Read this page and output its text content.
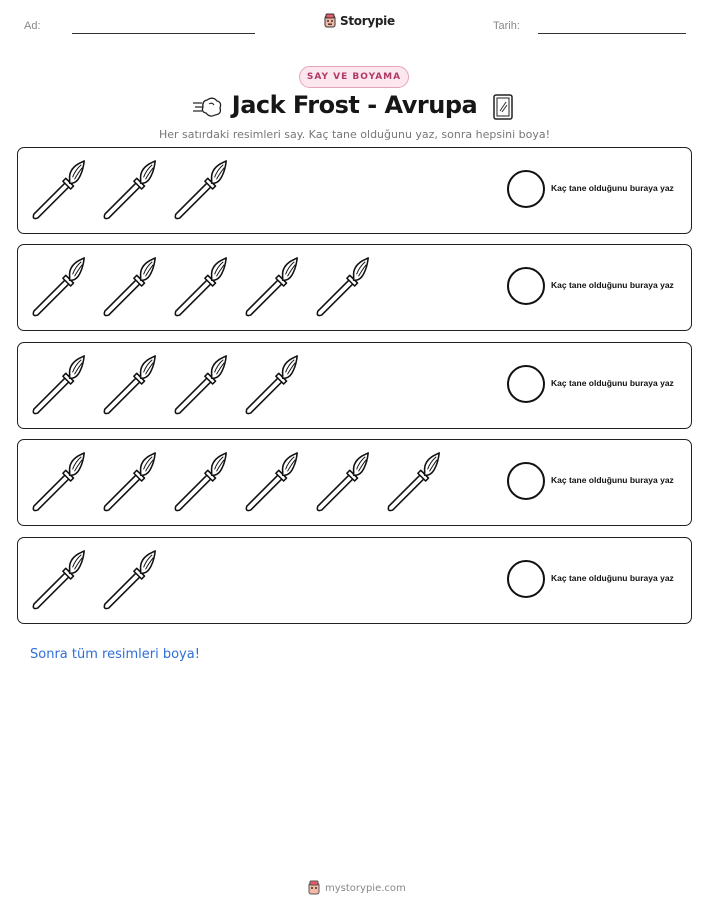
Ad:	Storypie	Tarih:
SAY VE BOYAMA
Jack Frost - Avrupa
Her satırdaki resimleri say. Kaç tane olduğunu yaz, sonra hepsini boya!
Kaç tane olduğunu buraya yaz
Kaç tane olduğunu buraya yaz
Kaç tane olduğunu buraya yaz
Kaç tane olduğunu buraya yaz
Kaç tane olduğunu buraya yaz
Sonra tüm resimleri boya!
mystorypie.com
